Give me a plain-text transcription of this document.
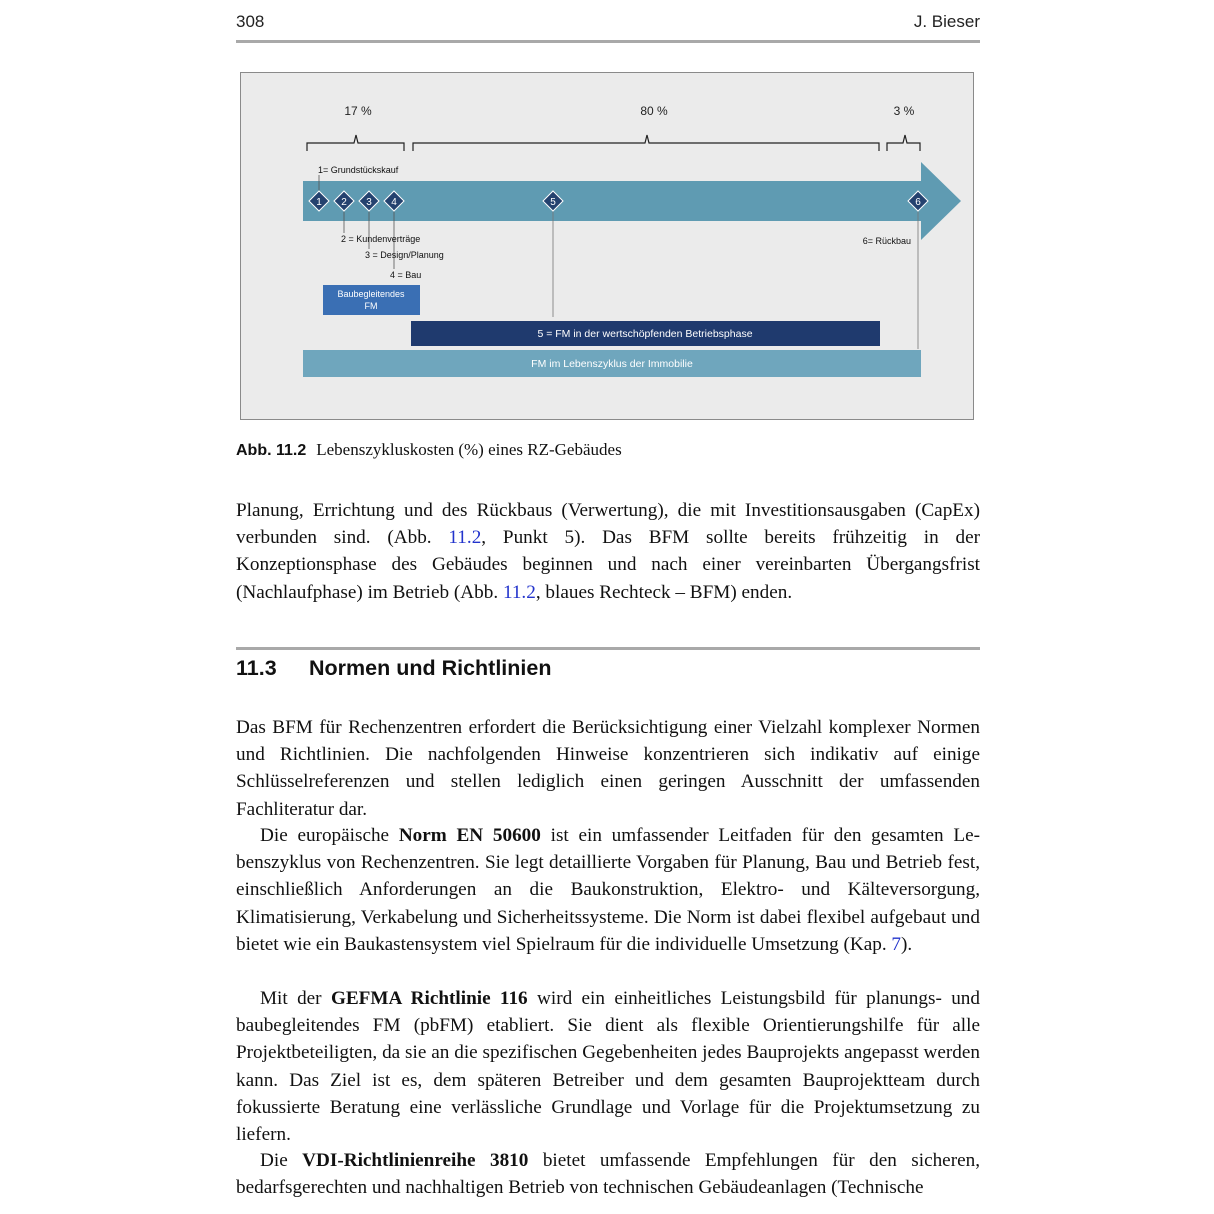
308	J. Bieser
17 %	80 %	3 %
1 2 3 4	5	6
1= Grundstückskauf
2 = Kundenverträge
3 = Design/Planung
4 = Bau
6= Rückbau
Baubegleitendes
FM
5 = FM in der wertschöpfenden Betriebsphase
FM im Lebenszyklus der Immobilie
Abb. 11.2 Lebenszykluskosten (%) eines RZ-Gebäudes

Planung, Errichtung und des Rückbaus (Verwertung), die mit Investitionsausgaben (CapEx) verbunden sind. (Abb. 11.2, Punkt 5). Das BFM sollte bereits frühzeitig in der Konzeptionsphase des Gebäudes beginnen und nach einer vereinbarten Übergangsfrist (Nachlaufphase) im Betrieb (Abb. 11.2, blaues Rechteck – BFM) enden.

11.3 Normen und Richtlinien

Das BFM für Rechenzentren erfordert die Berücksichtigung einer Vielzahl komplexer Normen und Richtlinien. Die nachfolgenden Hinweise konzentrieren sich indikativ auf einige Schlüsselreferenzen und stellen lediglich einen geringen Ausschnitt der umfassenden Fachliteratur dar.

Die europäische Norm EN 50600 ist ein umfassender Leitfaden für den gesamten Lebenszyklus von Rechenzentren. Sie legt detaillierte Vorgaben für Planung, Bau und Betrieb fest, einschließlich Anforderungen an die Baukonstruktion, Elektro- und Kälteversorgung, Klimatisierung, Verkabelung und Sicherheitssysteme. Die Norm ist dabei flexibel aufgebaut und bietet wie ein Baukastensystem viel Spielraum für die individuelle Umsetzung (Kap. 7).

Mit der GEFMA Richtlinie 116 wird ein einheitliches Leistungsbild für planungs- und baubegleitendes FM (pbFM) etabliert. Sie dient als flexible Orientierungshilfe für alle Projektbeteiligten, da sie an die spezifischen Gegebenheiten jedes Bauprojekts angepasst werden kann. Das Ziel ist es, dem späteren Betreiber und dem gesamten Bauprojektteam durch fokussierte Beratung eine verlässliche Grundlage und Vorlage für die Projektumsetzung zu liefern.

Die VDI-Richtlinienreihe 3810 bietet umfassende Empfehlungen für den sicheren, bedarfsgerechten und nachhaltigen Betrieb von technischen Gebäudeanlagen (Technische
